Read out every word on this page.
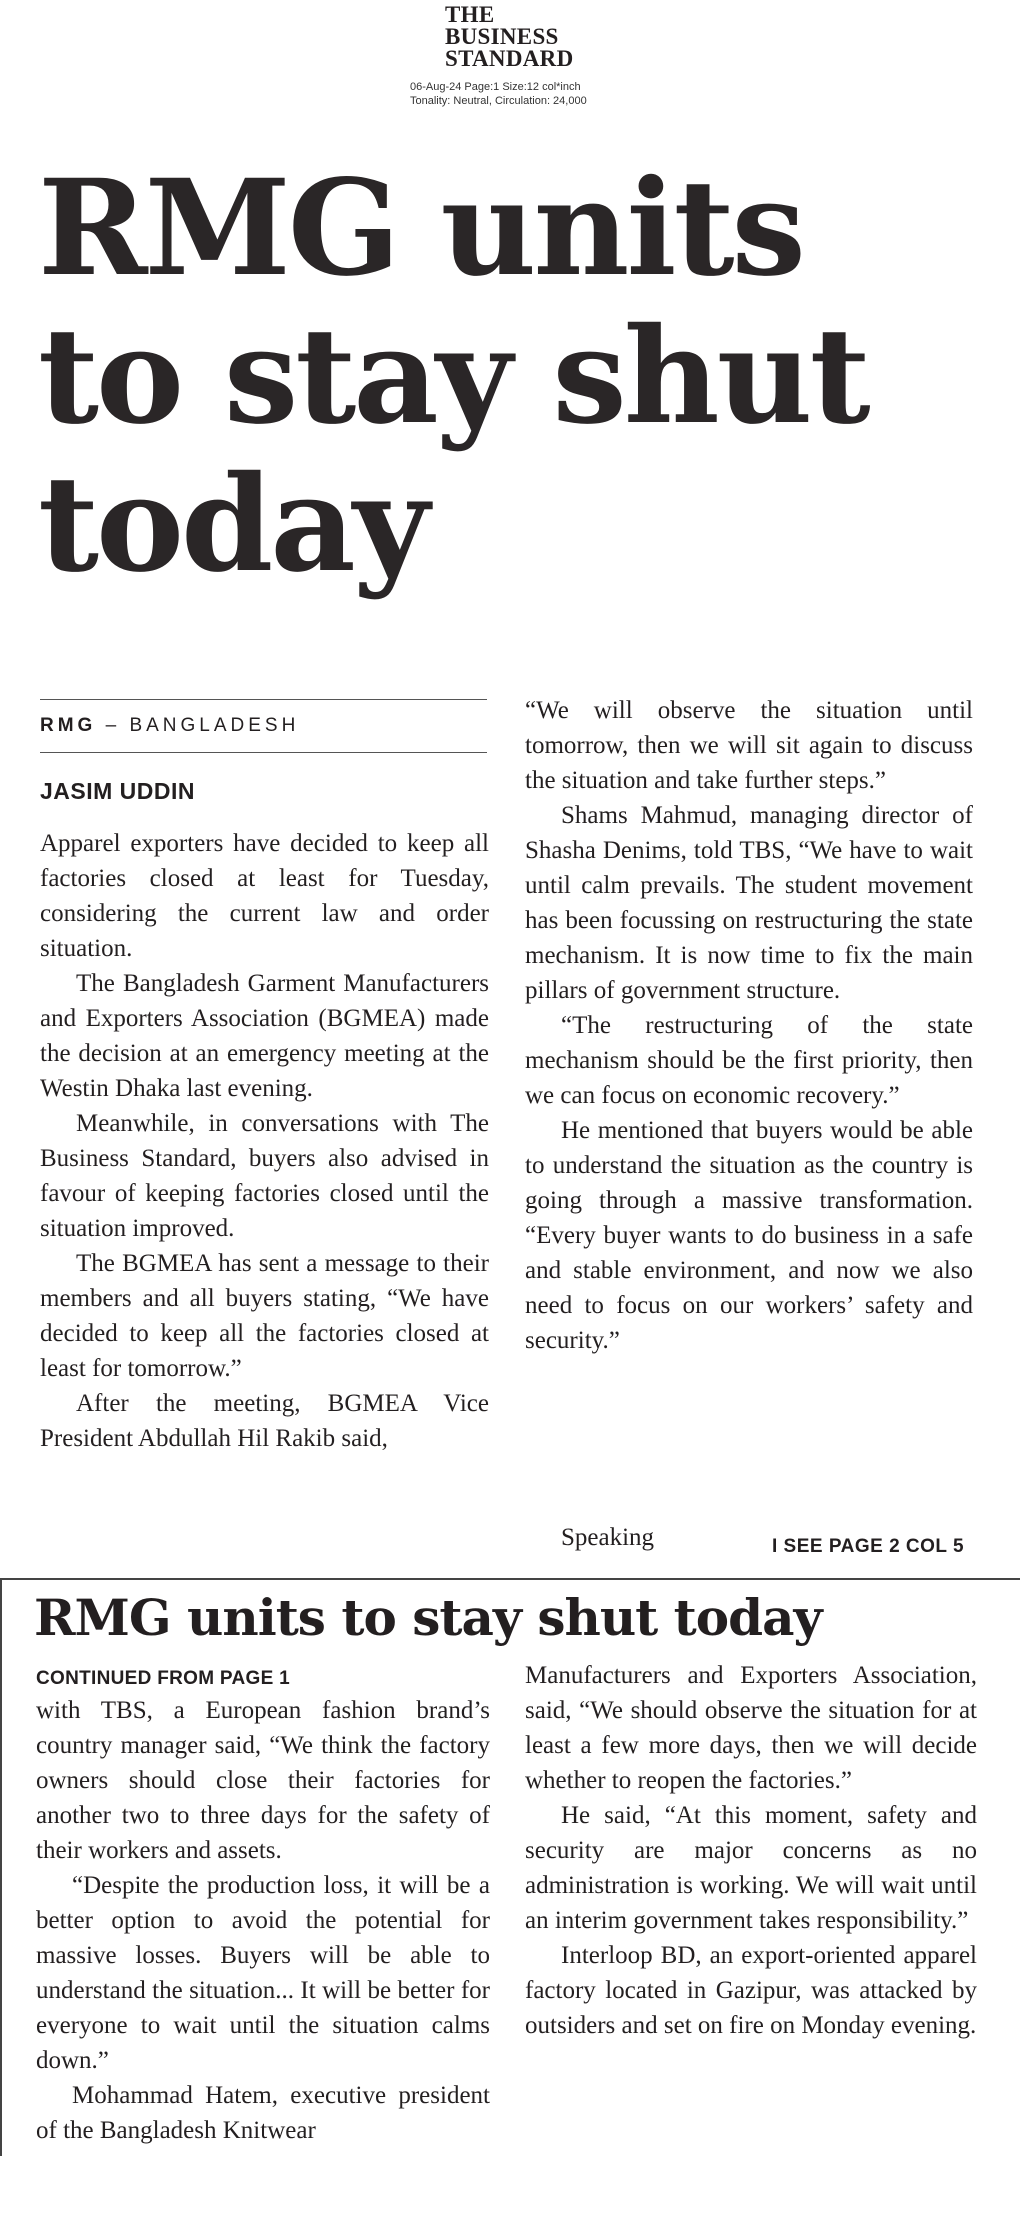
THE
BUSINESS
STANDARD
06-Aug-24 Page:1 Size:12 col*inch
Tonality: Neutral, Circulation: 24,000
RMG units
to stay shut
today
RMG – BANGLADESH
JASIM UDDIN

Apparel exporters have decided to keep all factories closed at least for Tuesday, considering the current law and order situation.

The Bangladesh Garment Manufacturers and Exporters Association (BGMEA) made the decision at an emergency meeting at the Westin Dhaka last evening.

Meanwhile, in conversations with The Business Standard, buyers also advised in favour of keeping factories closed until the situation improved.

The BGMEA has sent a message to their members and all buyers stating, “We have decided to keep all the factories closed at least for tomorrow.”

After the meeting, BGMEA Vice President Abdullah Hil Rakib said,

“We will observe the situation until tomorrow, then we will sit again to discuss the situation and take further steps.”

Shams Mahmud, managing director of Shasha Denims, told TBS, “We have to wait until calm prevails. The student movement has been focussing on restructuring the state mechanism. It is now time to fix the main pillars of government structure.

“The restructuring of the state mechanism should be the first priority, then we can focus on economic recovery.”

He mentioned that buyers would be able to understand the situation as the country is going through a massive transformation. “Every buyer wants to do business in a safe and stable environment, and now we also need to focus on our workers’ safety and security.”

Speaking	I SEE PAGE 2 COL 5
RMG units to stay shut today
CONTINUED FROM PAGE 1

with TBS, a European fashion brand’s country manager said, “We think the factory owners should close their factories for another two to three days for the safety of their workers and assets.

“Despite the production loss, it will be a better option to avoid the potential for massive losses. Buyers will be able to understand the situation... It will be better for everyone to wait until the situation calms down.”

Mohammad Hatem, executive president of the Bangladesh Knitwear

Manufacturers and Exporters Association, said, “We should observe the situation for at least a few more days, then we will decide whether to reopen the factories.”

He said, “At this moment, safety and security are major concerns as no administration is working. We will wait until an interim government takes responsibility.”

Interloop BD, an export-oriented apparel factory located in Gazipur, was attacked by outsiders and set on fire on Monday evening.
